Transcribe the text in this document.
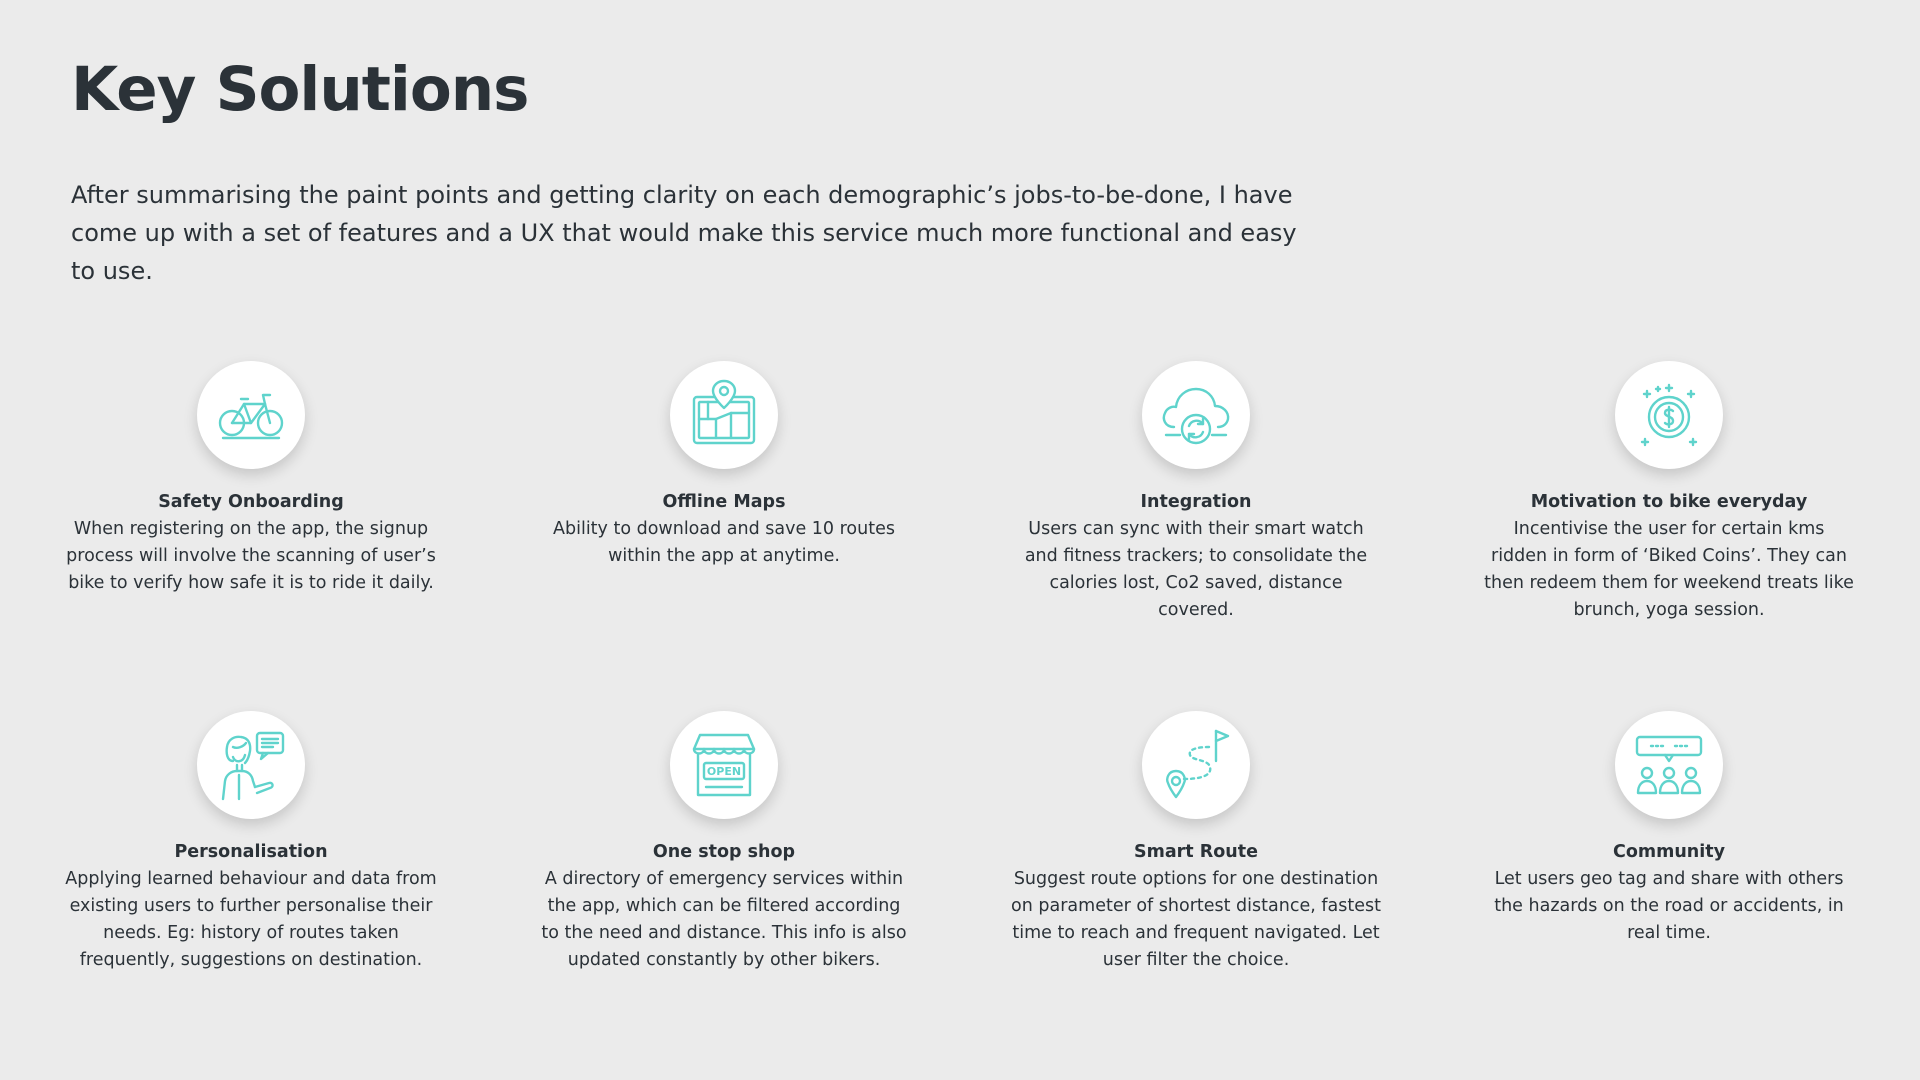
Key Solutions

After summarising the paint points and getting clarity on each demographic’s jobs-to-be-done, I have come up with a set of features and a UX that would make this service much more functional and easy to use.

Safety Onboarding
When registering on the app, the signup process will involve the scanning of user’s bike to verify how safe it is to ride it daily.
Offline Maps
Ability to download and save 10 routes within the app at anytime.
Integration
Users can sync with their smart watch and fitness trackers; to consolidate the calories lost, Co2 saved, distance covered.
Motivation to bike everyday
Incentivise the user for certain kms ridden in form of ‘Biked Coins’. They can then redeem them for weekend treats like brunch, yoga session.
Personalisation
Applying learned behaviour and data from existing users to further personalise their needs. Eg: history of routes taken frequently, suggestions on destination.
OPEN
One stop shop
A directory of emergency services within the app, which can be filtered according to the need and distance. This info is also updated constantly by other bikers.
Smart Route
Suggest route options for one destination on parameter of shortest distance, fastest time to reach and frequent navigated. Let user filter the choice.
Community
Let users geo tag and share with others the hazards on the road or accidents, in real time.
